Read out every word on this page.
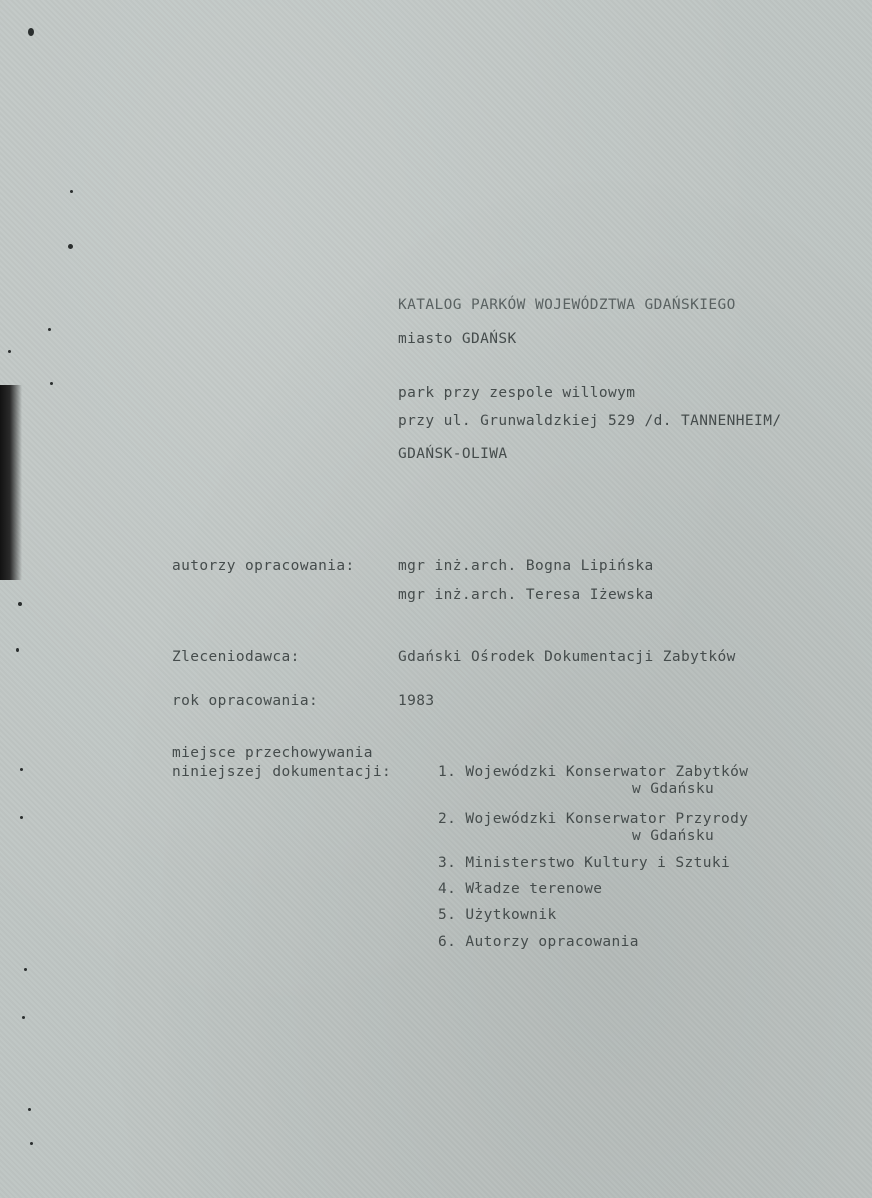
KATALOG PARKÓW WOJEWÓDZTWA GDAŃSKIEGO
miasto GDAŃSK
park przy zespole willowym
przy ul. Grunwaldzkiej 529 /d. TANNENHEIM/
GDAŃSK-OLIWA
autorzy opracowania:	mgr inż.arch. Bogna Lipińska
mgr inż.arch. Teresa Iżewska
Zleceniodawca:	Gdański Ośrodek Dokumentacji Zabytków
rok opracowania:	1983
miejsce przechowywania
niniejszej dokumentacji:	1. Wojewódzki Konserwator Zabytków
w Gdańsku
2. Wojewódzki Konserwator Przyrody
w Gdańsku
3. Ministerstwo Kultury i Sztuki
4. Władze terenowe
5. Użytkownik
6. Autorzy opracowania
